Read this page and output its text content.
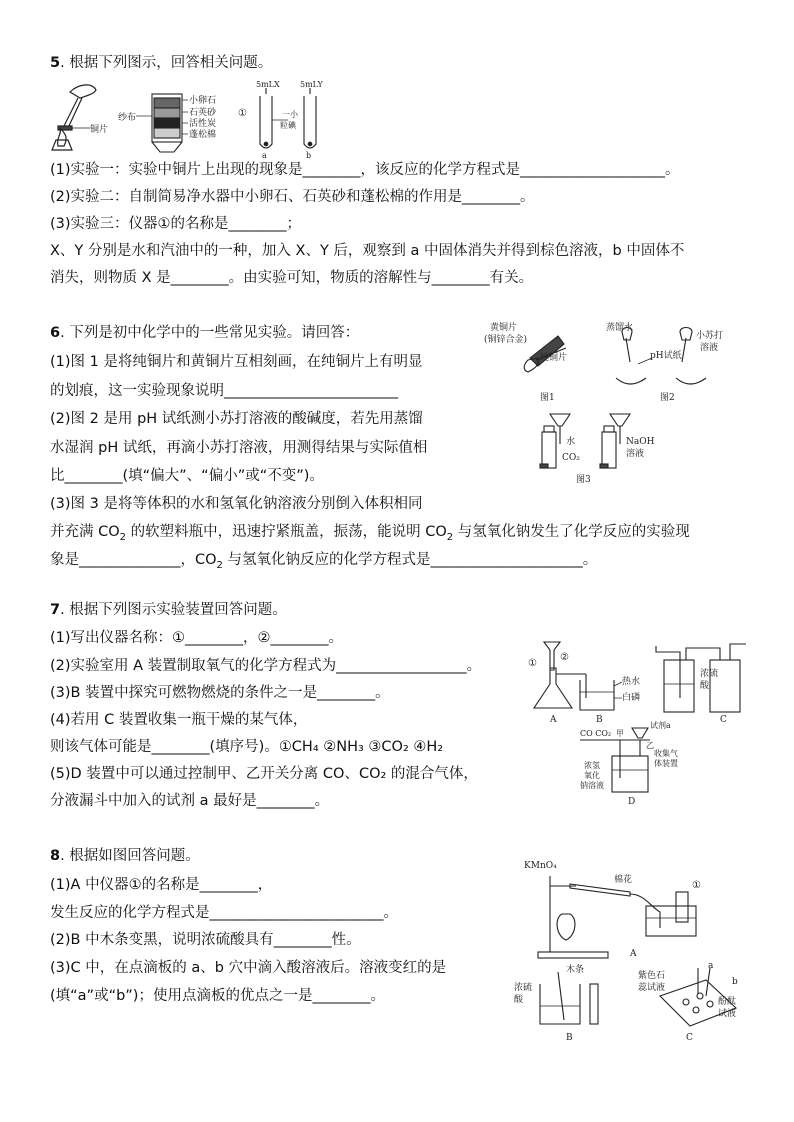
5. 根据下列图示，回答相关问题。
铜片
纱布
小卵石
石英砂
活性炭
蓬松棉
5mLX	5mLY
①	一小
粒碘
a	b
(1)实验一：实验中铜片上出现的现象是________，该反应的化学方程式是____________________。
(2)实验二：自制简易净水器中小卵石、石英砂和蓬松棉的作用是________。
(3)实验三：仪器①的名称是________；
X、Y 分别是水和汽油中的一种，加入 X、Y 后，观察到 a 中固体消失并得到棕色溶液，b 中固体不
消失，则物质 X 是________。由实验可知，物质的溶解性与________有关。
6. 下列是初中化学中的一些常见实验。请回答：
(1)图 1 是将纯铜片和黄铜片互相刻画，在纯铜片上有明显
的划痕，这一实验现象说明________________________
(2)图 2 是用 pH 试纸测小苏打溶液的酸碱度，若先用蒸馏
水湿润 pH 试纸，再滴小苏打溶液，用测得结果与实际值相
比________(填“偏大”、“偏小”或“不变”)。
(3)图 3 是将等体积的水和氢氧化钠溶液分别倒入体积相同
并充满 $CO_2$ 的软塑料瓶中，迅速拧紧瓶盖，振荡，能说明 $CO_2$ 与氢氧化钠发生了化学反应的实验现
象是______________，$CO_2$ 与氢氧化钠反应的化学方程式是_____________________。
黄铜片
(铜锌合金)
纯铜片
图1
蒸馏水
pH试纸
小苏打
溶液
图2
水
CO₂
NaOH
溶液
图3
7. 根据下列图示实验装置回答问题。
(1)写出仪器名称：①________，②________。
(2)实验室用 A 装置制取氧气的化学方程式为__________________。
(3)B 装置中探究可燃物燃烧的条件之一是________。
(4)若用 C 装置收集一瓶干燥的某气体，
则该气体可能是________(填序号)。①CH₄ ②NH₃ ③CO₂ ④H₂
(5)D 装置中可以通过控制甲、乙开关分离 CO、CO₂ 的混合气体，
分液漏斗中加入的试剂 a 最好是________。
①
②
A
热水
白磷
B
浓硫
酸
C
CO CO₂ 甲
乙
试剂a
收集气
体装置
浓氢
氧化
钠溶液
D
8. 根据如图回答问题。
(1)A 中仪器①的名称是________，
发生反应的化学方程式是________________________。
(2)B 中木条变黑，说明浓硫酸具有________性。
(3)C 中，在点滴板的 a、b 穴中滴入酸溶液后。溶液变红的是
(填“a”或“b”)；使用点滴板的优点之一是________。
KMnO₄
棉花	①
A
木条
浓硫
酸
B
紫色石
蕊试液
a
b
酚酞
试液
C
